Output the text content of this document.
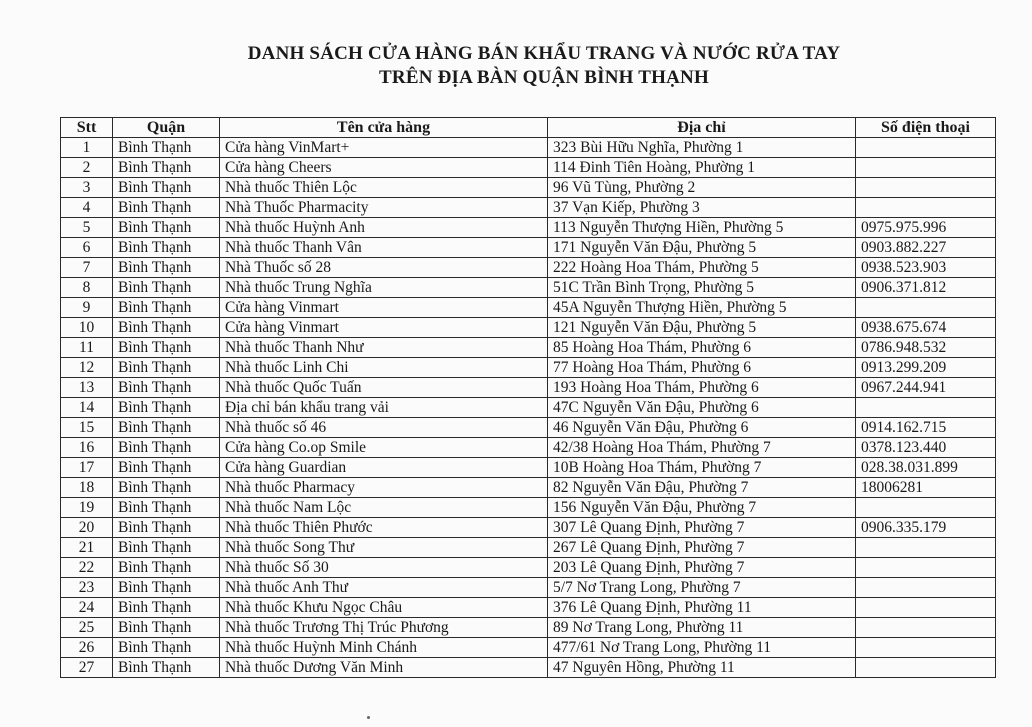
DANH SÁCH CỬA HÀNG BÁN KHẨU TRANG VÀ NƯỚC RỬA TAY
TRÊN ĐỊA BÀN QUẬN BÌNH THẠNH
Stt	Quận	Tên cửa hàng	Địa chỉ	Số điện thoại
1	Bình Thạnh	Cửa hàng VinMart+	323 Bùi Hữu Nghĩa, Phường 1	
2	Bình Thạnh	Cửa hàng Cheers	114 Đinh Tiên Hoàng, Phường 1	
3	Bình Thạnh	Nhà thuốc Thiên Lộc	96 Vũ Tùng, Phường 2	
4	Bình Thạnh	Nhà Thuốc Pharmacity	37 Vạn Kiếp, Phường 3	
5	Bình Thạnh	Nhà thuốc Huỳnh Anh	113 Nguyễn Thượng Hiền, Phường 5	0975.975.996
6	Bình Thạnh	Nhà thuốc Thanh Vân	171 Nguyễn Văn Đậu, Phường 5	0903.882.227
7	Bình Thạnh	Nhà Thuốc số 28	222 Hoàng Hoa Thám, Phường 5	0938.523.903
8	Bình Thạnh	Nhà thuốc Trung Nghĩa	51C Trần Bình Trọng, Phường 5	0906.371.812
9	Bình Thạnh	Cửa hàng Vinmart	45A Nguyễn Thượng Hiền, Phường 5	
10	Bình Thạnh	Cửa hàng Vinmart	121 Nguyễn Văn Đậu, Phường 5	0938.675.674
11	Bình Thạnh	Nhà thuốc Thanh Như	85 Hoàng Hoa Thám, Phường 6	0786.948.532
12	Bình Thạnh	Nhà thuốc Linh Chi	77 Hoàng Hoa Thám, Phường 6	0913.299.209
13	Bình Thạnh	Nhà thuốc Quốc Tuấn	193 Hoàng Hoa Thám, Phường 6	0967.244.941
14	Bình Thạnh	Địa chỉ bán khẩu trang vải	47C Nguyễn Văn Đậu, Phường 6	
15	Bình Thạnh	Nhà thuốc số 46	46 Nguyễn Văn Đậu, Phường 6	0914.162.715
16	Bình Thạnh	Cửa hàng Co.op Smile	42/38 Hoàng Hoa Thám, Phường 7	0378.123.440
17	Bình Thạnh	Cửa hàng Guardian	10B Hoàng Hoa Thám, Phường 7	028.38.031.899
18	Bình Thạnh	Nhà thuốc Pharmacy	82 Nguyễn Văn Đậu, Phường 7	18006281
19	Bình Thạnh	Nhà thuốc Nam Lộc	156 Nguyễn Văn Đậu, Phường 7	
20	Bình Thạnh	Nhà thuốc Thiên Phước	307 Lê Quang Định, Phường 7	0906.335.179
21	Bình Thạnh	Nhà thuốc Song Thư	267 Lê Quang Định, Phường 7	
22	Bình Thạnh	Nhà thuốc Số 30	203 Lê Quang Định, Phường 7	
23	Bình Thạnh	Nhà thuốc Anh Thư	5/7 Nơ Trang Long, Phường 7	
24	Bình Thạnh	Nhà thuốc Khưu Ngọc Châu	376 Lê Quang Định, Phường 11	
25	Bình Thạnh	Nhà thuốc Trương Thị Trúc Phương	89 Nơ Trang Long, Phường 11	
26	Bình Thạnh	Nhà thuốc Huỳnh Minh Chánh	477/61 Nơ Trang Long, Phường 11	
27	Bình Thạnh	Nhà thuốc Dương Văn Minh	47 Nguyên Hồng, Phường 11	
